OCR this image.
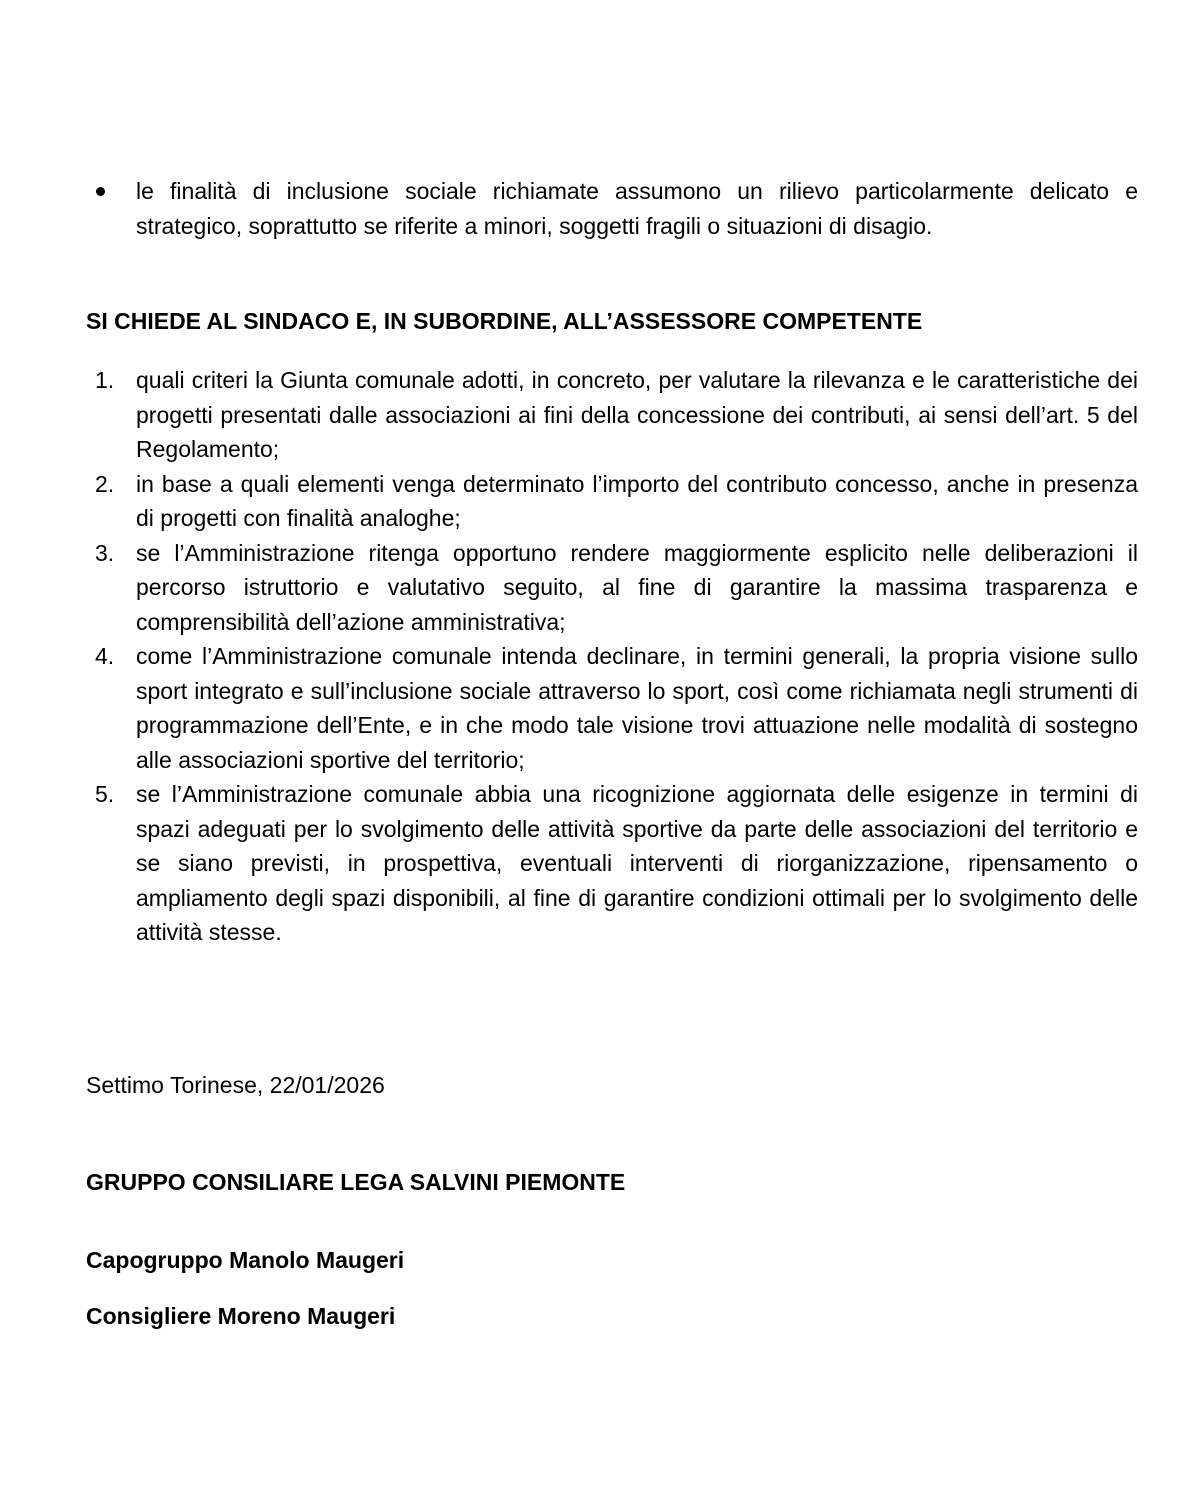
le finalità di inclusione sociale richiamate assumono un rilievo particolarmente delicato e strategico, soprattutto se riferite a minori, soggetti fragili o situazioni di disagio.
SI CHIEDE AL SINDACO E, IN SUBORDINE, ALL’ASSESSORE COMPETENTE
1. quali criteri la Giunta comunale adotti, in concreto, per valutare la rilevanza e le caratteristiche dei progetti presentati dalle associazioni ai fini della concessione dei contributi, ai sensi dell’art. 5 del Regolamento;
2. in base a quali elementi venga determinato l’importo del contributo concesso, anche in presenza di progetti con finalità analoghe;
3. se l’Amministrazione ritenga opportuno rendere maggiormente esplicito nelle deliberazioni il percorso istruttorio e valutativo seguito, al fine di garantire la massima trasparenza e comprensibilità dell’azione amministrativa;
4. come l’Amministrazione comunale intenda declinare, in termini generali, la propria visione sullo sport integrato e sull’inclusione sociale attraverso lo sport, così come richiamata negli strumenti di programmazione dell’Ente, e in che modo tale visione trovi attuazione nelle modalità di sostegno alle associazioni sportive del territorio;
5. se l’Amministrazione comunale abbia una ricognizione aggiornata delle esigenze in termini di spazi adeguati per lo svolgimento delle attività sportive da parte delle associazioni del territorio e se siano previsti, in prospettiva, eventuali interventi di riorganizzazione, ripensamento o ampliamento degli spazi disponibili, al fine di garantire condizioni ottimali per lo svolgimento delle attività stesse.
Settimo Torinese, 22/01/2026
GRUPPO CONSILIARE LEGA SALVINI PIEMONTE
Capogruppo Manolo Maugeri
Consigliere Moreno Maugeri
